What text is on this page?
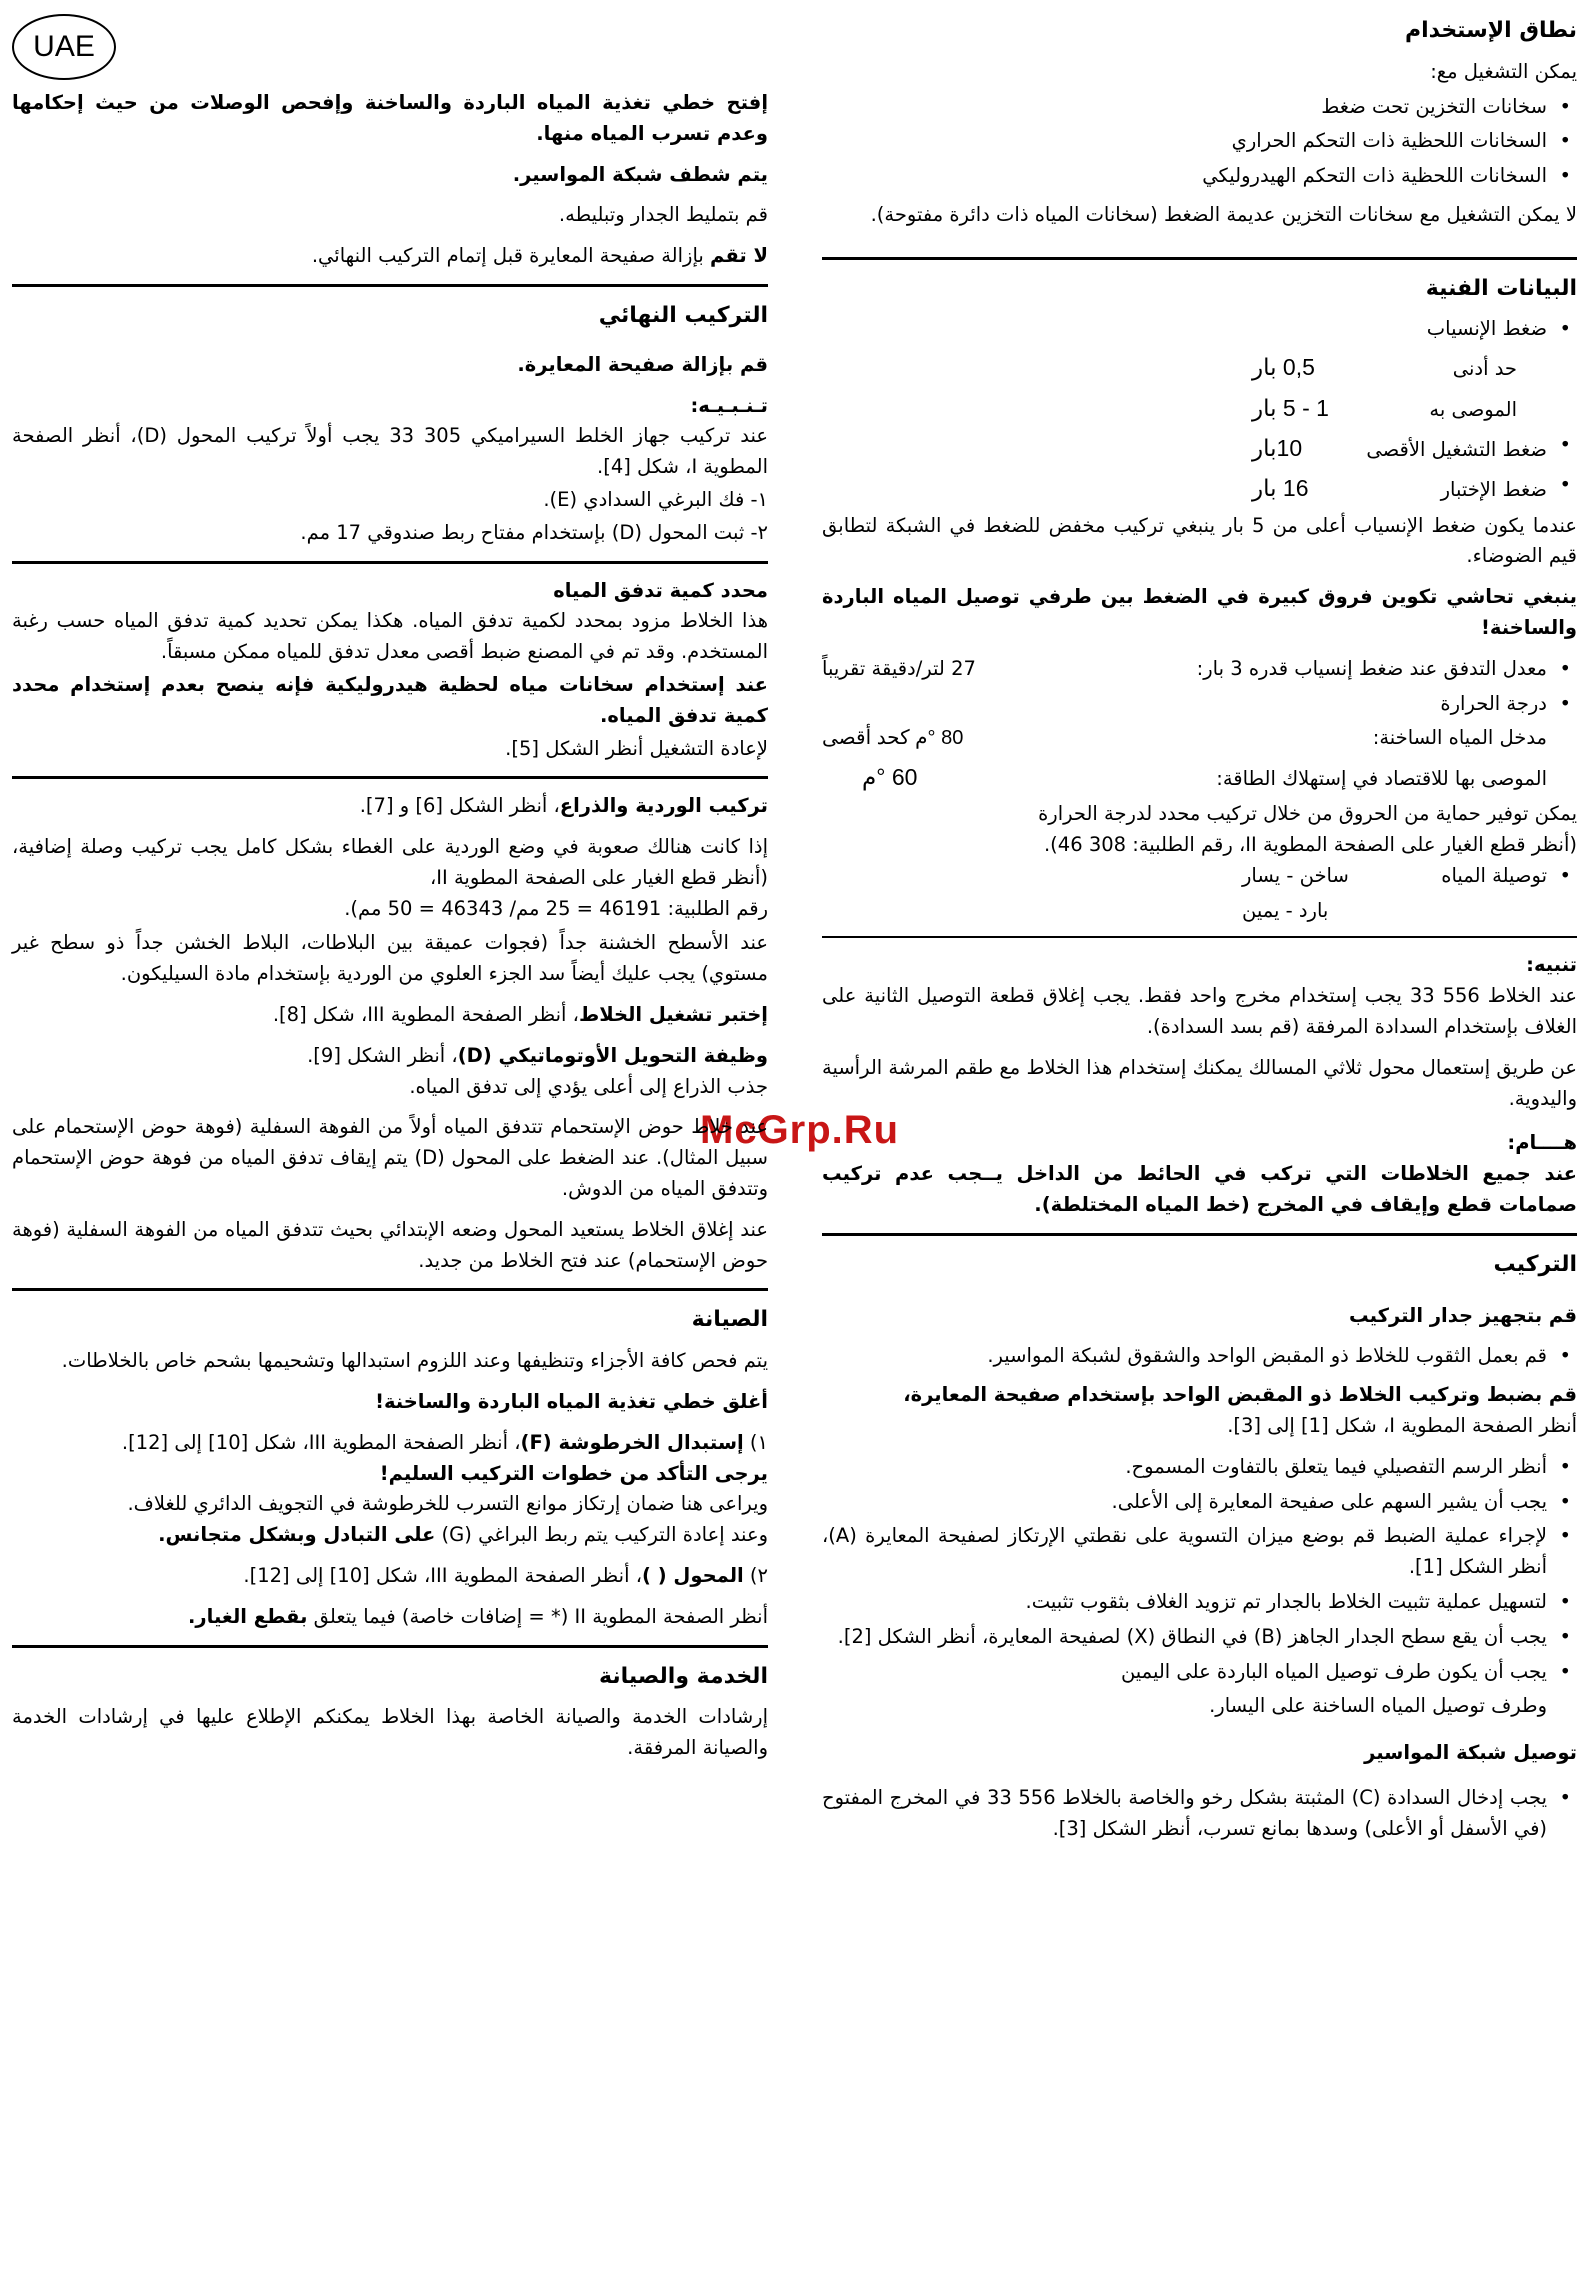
UAE
McGrp.Ru
نطاق الإستخدام

يمكن التشغيل مع:

• سخانات التخزين تحت ضغط
• السخانات اللحظية ذات التحكم الحراري
• السخانات اللحظية ذات التحكم الهيدروليكي

لا يمكن التشغيل مع سخانات التخزين عديمة الضغط (سخانات المياه ذات دائرة مفتوحة).

البيانات الفنية
• ضغط الإنسياب
حد أدنى
0,5 بار
الموصى به
1 - 5 بار
• ضغط التشغيل الأقصى
10بار
• ضغط الإختبار
16 بار

عندما يكون ضغط الإنسياب أعلى من 5 بار ينبغي تركيب مخفض للضغط في الشبكة لتطابق قيم الضوضاء.

ينبغي تحاشي تكوين فروق كبيرة في الضغط بين طرفي توصيل المياه الباردة والساخنة!

• معدل التدفق عند ضغط إنسياب قدره 3 بار:
27 لتر/دقيقة تقريباً
• درجة الحرارة
مدخل المياه الساخنة:
80 °م كحد أقصى
الموصى بها للاقتصاد في إستهلاك الطاقة:
60 °م

يمكن توفير حماية من الحروق من خلال تركيب محدد لدرجة الحرارة
(أنظر قطع الغيار على الصفحة المطوية II، رقم الطلبية: 308 46).

• توصيلة المياه
ساخن - يسار
بارد - يمين
تنبيه:

عند الخلاط 556 33 يجب إستخدام مخرج واحد فقط. يجب إغلاق قطعة التوصيل الثانية على الغلاف بإستخدام السدادة المرفقة (قم بسد السدادة).

عن طريق إستعمال محول ثلاثي المسالك يمكنك إستخدام هذا الخلاط مع طقم المرشة الرأسية واليدوية.

هــــام:

عند جميع الخلاطات التي تركب في الحائط من الداخل يــجب عدم تركيب صمامات قطع وإيقاف في المخرج (خط المياه المختلطة).

التركيب
قم بتجهيز جدار التركيب
• قم بعمل الثقوب للخلاط ذو المقبض الواحد والشقوق لشبكة المواسير.
قم بضبط وتركيب الخلاط ذو المقبض الواحد بإستخدام صفيحة المعايرة،

أنظر الصفحة المطوية I، شكل [1] إلى [3].

• أنظر الرسم التفصيلي فيما يتعلق بالتفاوت المسموح.
• يجب أن يشير السهم على صفيحة المعايرة إلى الأعلى.
• لإجراء عملية الضبط قم بوضع ميزان التسوية على نقطتي الإرتكاز لصفيحة المعايرة (A)، أنظر الشكل [1].
• لتسهيل عملية تثبيت الخلاط بالجدار تم تزويد الغلاف بثقوب تثبيت.
• يجب أن يقع سطح الجدار الجاهز (B) في النطاق (X) لصفيحة المعايرة، أنظر الشكل [2].
• يجب أن يكون طرف توصيل المياه الباردة على اليمين

وطرف توصيل المياه الساخنة على اليسار.

توصيل شبكة المواسير
• يجب إدخال السدادة (C) المثبتة بشكل رخو والخاصة بالخلاط 556 33 في المخرج المفتوح (في الأسفل أو الأعلى) وسدها بمانع تسرب، أنظر الشكل [3].

إفتح خطي تغذية المياه الباردة والساخنة وإفحص الوصلات من حيث إحكامها وعدم تسرب المياه منها.

يتم شطف شبكة المواسير.

قم بتمليط الجدار وتبليطه.

لا تقم بإزالة صفيحة المعايرة قبل إتمام التركيب النهائي.

التركيب النهائي

قم بإزالة صفيحة المعايرة.

تـنـبـيـه:

عند تركيب جهاز الخلط السيراميكي 305 33 يجب أولاً تركيب المحول (D)، أنظر الصفحة المطوية I، شكل [4].

١- فك البرغي السدادي (E).

٢- ثبت المحول (D) بإستخدام مفتاح ربط صندوقي 17 مم.

محدد كمية تدفق المياه

هذا الخلاط مزود بمحدد لكمية تدفق المياه. هكذا يمكن تحديد كمية تدفق المياه حسب رغبة المستخدم. وقد تم في المصنع ضبط أقصى معدل تدفق للمياه ممكن مسبقاً.

عند إستخدام سخانات مياه لحظية هيدروليكية فإنه ينصح بعدم إستخدام محدد كمية تدفق المياه.

لإعادة التشغيل أنظر الشكل [5].

تركيب الوردية والذراع، أنظر الشكل [6] و [7].

إذا كانت هنالك صعوبة في وضع الوردية على الغطاء بشكل كامل يجب تركيب وصلة إضافية، (أنظر قطع الغيار على الصفحة المطوية II،
رقم الطلبية: 46191 = 25 مم/ 46343 = 50 مم).

عند الأسطح الخشنة جداً (فجوات عميقة بين البلاطات، البلاط الخشن جداً ذو سطح غير مستوي) يجب عليك أيضاً سد الجزء العلوي من الوردية بإستخدام مادة السيليكون.

إختبر تشغيل الخلاط، أنظر الصفحة المطوية III، شكل [8].

وظيفة التحويل الأوتوماتيكي (D)، أنظر الشكل [9].

جذب الذراع إلى أعلى يؤدي إلى تدفق المياه.

عند خلاط حوض الإستحمام تتدفق المياه أولاً من الفوهة السفلية (فوهة حوض الإستحمام على سبيل المثال). عند الضغط على المحول (D) يتم إيقاف تدفق المياه من فوهة حوض الإستحمام وتتدفق المياه من الدوش.

عند إغلاق الخلاط يستعيد المحول وضعه الإبتدائي بحيث تتدفق المياه من الفوهة السفلية (فوهة حوض الإستحمام) عند فتح الخلاط من جديد.

الصيانة

يتم فحص كافة الأجزاء وتنظيفها وعند اللزوم استبدالها وتشحيمها بشحم خاص بالخلاطات.

أغلق خطي تغذية المياه الباردة والساخنة!

١) إستبدال الخرطوشة (F)، أنظر الصفحة المطوية III، شكل [10] إلى [12].

يرجى التأكد من خطوات التركيب السليم!

ويراعى هنا ضمان إرتكاز موانع التسرب للخرطوشة في التجويف الدائري للغلاف.

وعند إعادة التركيب يتم ربط البراغي (G) على التبادل وبشكل متجانس.

٢) المحول ( )، أنظر الصفحة المطوية III، شكل [10] إلى [12].

أنظر الصفحة المطوية II (* = إضافات خاصة) فيما يتعلق بقطع الغيار.

الخدمة والصيانة

إرشادات الخدمة والصيانة الخاصة بهذا الخلاط يمكنكم الإطلاع عليها في إرشادات الخدمة والصيانة المرفقة.
